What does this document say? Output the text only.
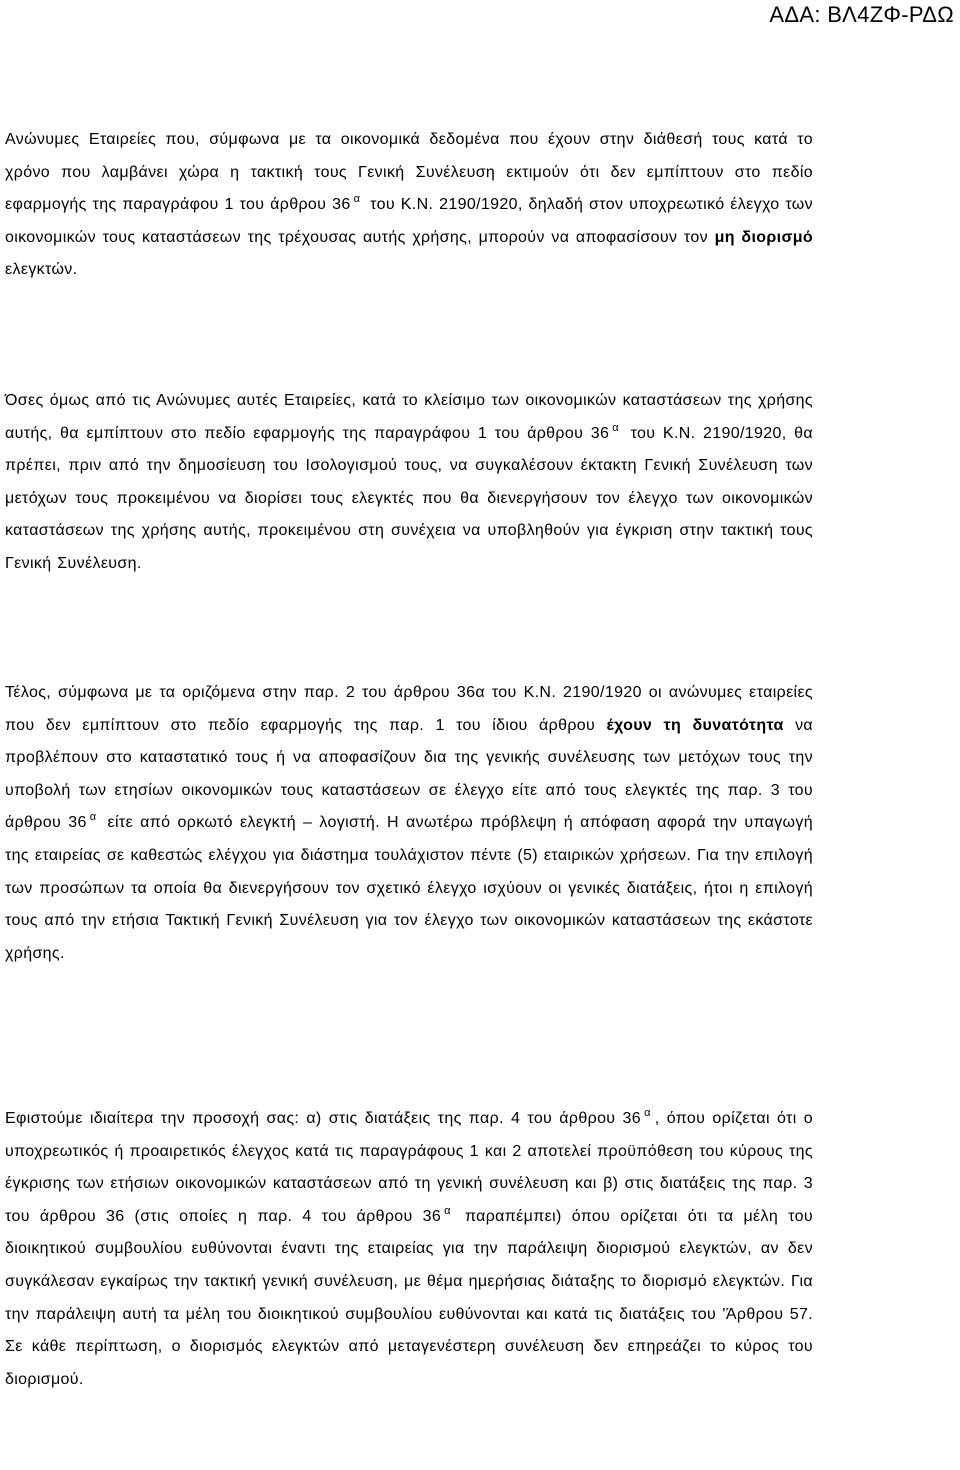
ΑΔΑ: ΒΛ4ΖΦ-ΡΔΩ

Ανώνυμες Εταιρείες που, σύμφωνα με τα οικονομικά δεδομένα που έχουν στην διάθεσή τους κατά το χρόνο που λαμβάνει χώρα η τακτική τους Γενική Συνέλευση εκτιμούν ότι δεν εμπίπτουν στο πεδίο εφαρμογής της παραγράφου 1 του άρθρου 36 $^\alpha$ του Κ.Ν. 2190/1920, δηλαδή στον υποχρεωτικό έλεγχο των οικονομικών τους καταστάσεων της τρέχουσας αυτής χρήσης, μπορούν να αποφασίσουν τον μη διορισμό ελεγκτών.

Όσες όμως από τις Ανώνυμες αυτές Εταιρείες, κατά το κλείσιμο των οικονομικών καταστάσεων της χρήσης αυτής, θα εμπίπτουν στο πεδίο εφαρμογής της παραγράφου 1 του άρθρου 36 $^\alpha$ του Κ.Ν. 2190/1920, θα πρέπει, πριν από την δημοσίευση του Ισολογισμού τους, να συγκαλέσουν έκτακτη Γενική Συνέλευση των μετόχων τους προκειμένου να διορίσει τους ελεγκτές που θα διενεργήσουν τον έλεγχο των οικονομικών καταστάσεων της χρήσης αυτής, προκειμένου στη συνέχεια να υποβληθούν για έγκριση στην τακτική τους Γενική Συνέλευση.

Τέλος, σύμφωνα με τα οριζόμενα στην παρ. 2 του άρθρου 36α του Κ.Ν. 2190/1920 οι ανώνυμες εταιρείες που δεν εμπίπτουν στο πεδίο εφαρμογής της παρ. 1 του ίδιου άρθρου έχουν τη δυνατότητα να προβλέπουν στο καταστατικό τους ή να αποφασίζουν δια της γενικής συνέλευσης των μετόχων τους την υποβολή των ετησίων οικονομικών τους καταστάσεων σε έλεγχο είτε από τους ελεγκτές της παρ. 3 του άρθρου 36 $^\alpha$ είτε από ορκωτό ελεγκτή – λογιστή. Η ανωτέρω πρόβλεψη ή απόφαση αφορά την υπαγωγή της εταιρείας σε καθεστώς ελέγχου για διάστημα τουλάχιστον πέντε (5) εταιρικών χρήσεων. Για την επιλογή των προσώπων τα οποία θα διενεργήσουν τον σχετικό έλεγχο ισχύουν οι γενικές διατάξεις, ήτοι η επιλογή τους από την ετήσια Τακτική Γενική Συνέλευση για τον έλεγχο των οικονομικών καταστάσεων της εκάστοτε χρήσης.

Εφιστούμε ιδιαίτερα την προσοχή σας: α) στις διατάξεις της παρ. 4 του άρθρου 36 $^\alpha$ , όπου ορίζεται ότι ο υποχρεωτικός ή προαιρετικός έλεγχος κατά τις παραγράφους 1 και 2 αποτελεί προϋπόθεση του κύρους της έγκρισης των ετήσιων οικονομικών καταστάσεων από τη γενική συνέλευση και β) στις διατάξεις της παρ. 3 του άρθρου 36 (στις οποίες η παρ. 4 του άρθρου 36 $^\alpha$ παραπέμπει) όπου ορίζεται ότι τα μέλη του διοικητικού συμβουλίου ευθύνονται έναντι της εταιρείας για την παράλειψη διορισμού ελεγκτών, αν δεν συγκάλεσαν εγκαίρως την τακτική γενική συνέλευση, με θέμα ημερήσιας διάταξης το διορισμό ελεγκτών. Για την παράλειψη αυτή τα μέλη του διοικητικού συμβουλίου ευθύνονται και κατά τις διατάξεις του 'Άρθρου 57. Σε κάθε περίπτωση, ο διορισμός ελεγκτών από μεταγενέστερη συνέλευση δεν επηρεάζει το κύρος του διορισμού.
